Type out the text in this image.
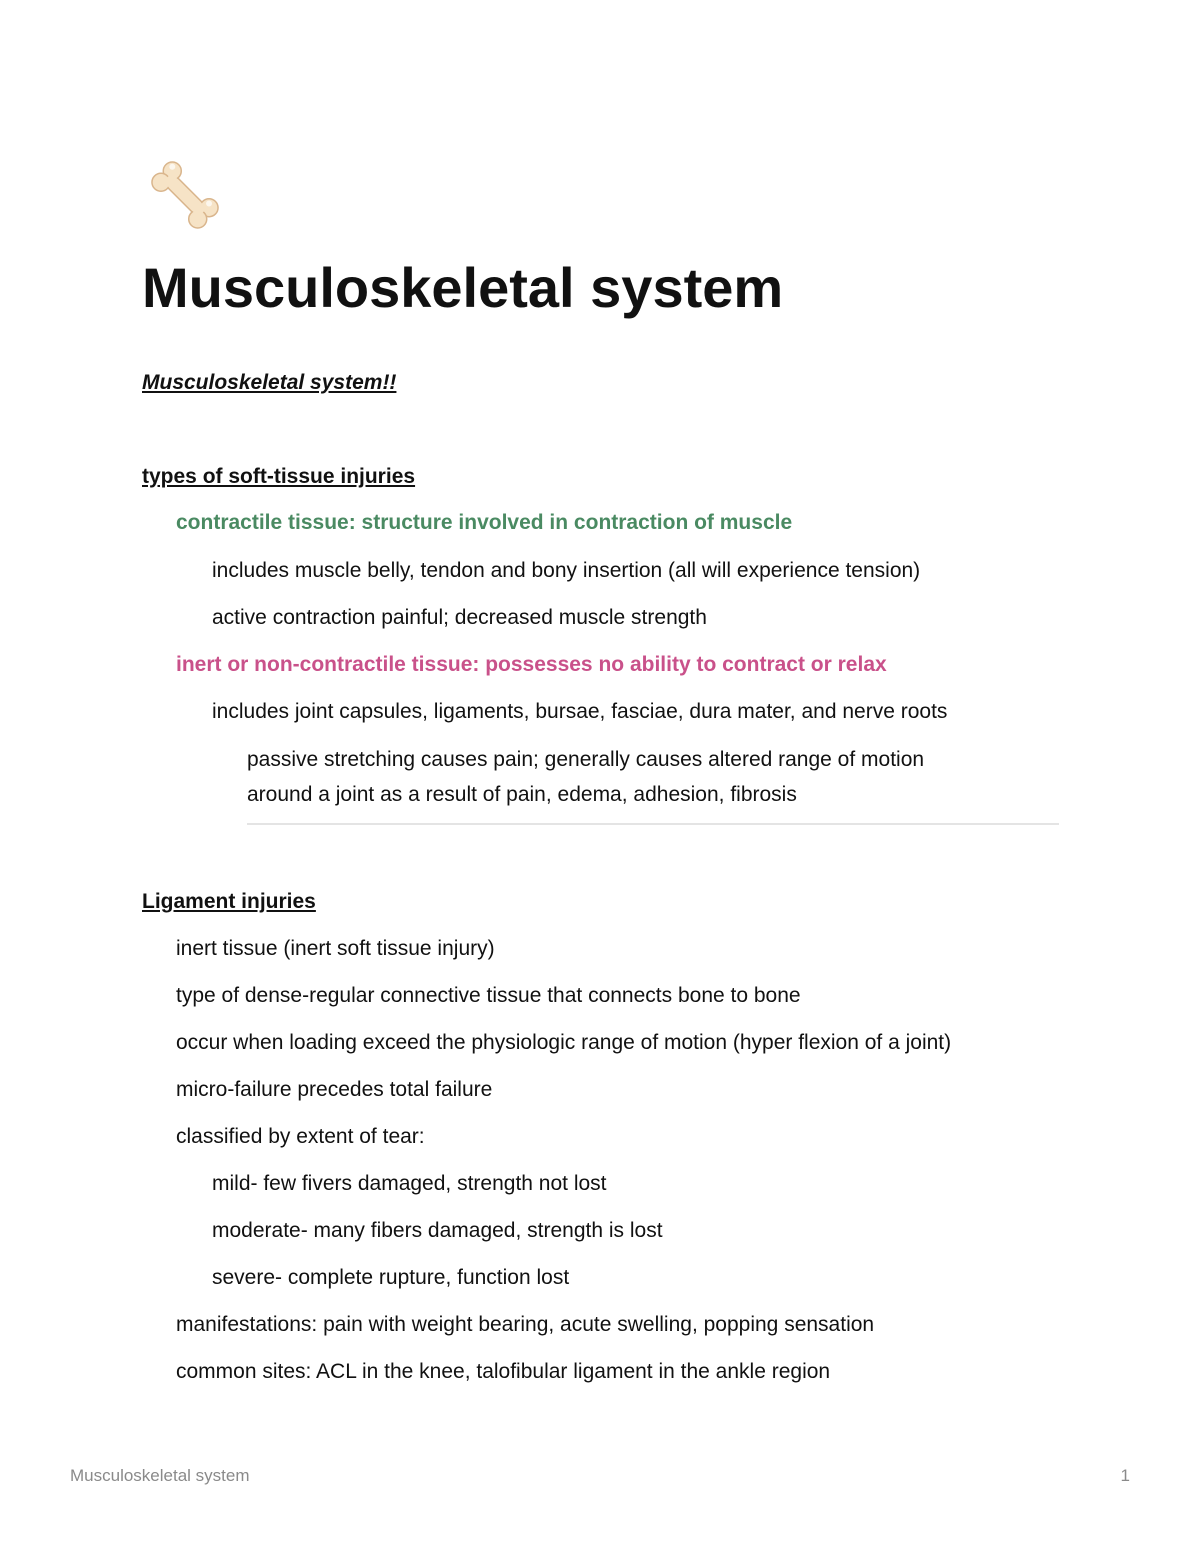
Musculoskeletal system

Musculoskeletal system!!

types of soft-tissue injuries

contractile tissue: structure involved in contraction of muscle

includes muscle belly, tendon and bony insertion (all will experience tension)

active contraction painful; decreased muscle strength

inert or non-contractile tissue: possesses no ability to contract or relax

includes joint capsules, ligaments, bursae, fasciae, dura mater, and nerve roots

passive stretching causes pain; generally causes altered range of motion

around a joint as a result of pain, edema, adhesion, fibrosis

Ligament injuries

inert tissue (inert soft tissue injury)

type of dense-regular connective tissue that connects bone to bone

occur when loading exceed the physiologic range of motion (hyper flexion of a joint)

micro-failure precedes total failure

classified by extent of tear:

mild- few fivers damaged, strength not lost

moderate- many fibers damaged, strength is lost

severe- complete rupture, function lost

manifestations: pain with weight bearing, acute swelling, popping sensation

common sites: ACL in the knee, talofibular ligament in the ankle region

Musculoskeletal system	1
